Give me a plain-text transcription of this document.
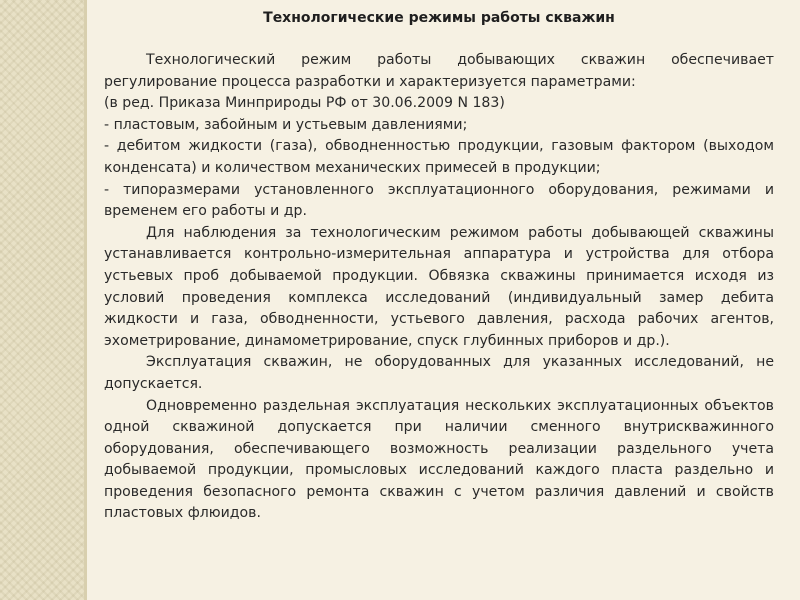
Технологические режимы работы скважин

Технологический режим работы добывающих скважин обеспечивает регулирование процесса разработки и характеризуется параметрами:

(в ред. Приказа Минприроды РФ от 30.06.2009 N 183)

- пластовым, забойным и устьевым давлениями;

- дебитом жидкости (газа), обводненностью продукции, газовым фактором (выходом конденсата) и количеством механических примесей в продукции;

- типоразмерами установленного эксплуатационного оборудования, режимами и временем его работы и др.

Для наблюдения за технологическим режимом работы добывающей скважины устанавливается контрольно-измерительная аппаратура и устройства для отбора устьевых проб добываемой продукции. Обвязка скважины принимается исходя из условий проведения комплекса исследований (индивидуальный замер дебита жидкости и газа, обводненности, устьевого давления, расхода рабочих агентов, эхометрирование, динамометрирование, спуск глубинных приборов и др.).

Эксплуатация скважин, не оборудованных для указанных исследований, не допускается.

Одновременно раздельная эксплуатация нескольких эксплуатационных объектов одной скважиной допускается при наличии сменного внутрискважинного оборудования, обеспечивающего возможность реализации раздельного учета добываемой продукции, промысловых исследований каждого пласта раздельно и проведения безопасного ремонта скважин с учетом различия давлений и свойств пластовых флюидов.
